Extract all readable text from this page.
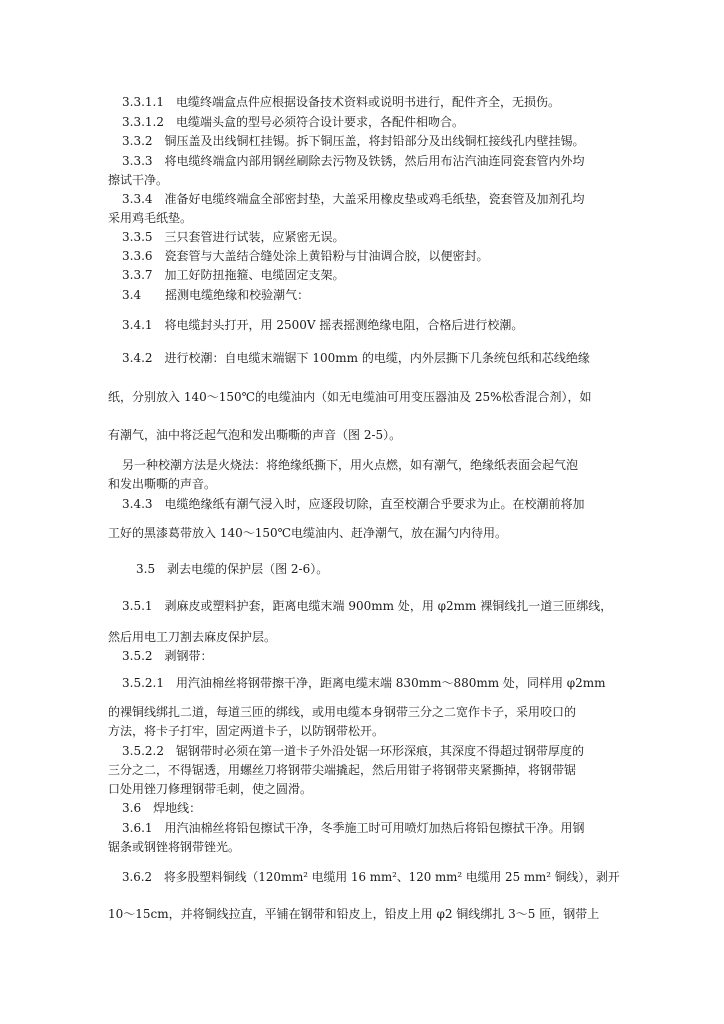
3.3.1.1　电缆终端盒点件应根据设备技术资料或说明书进行，配件齐全，无损伤。
3.3.1.2　电缆端头盒的型号必须符合设计要求，各配件相吻合。
3.3.2　铜压盖及出线铜杠挂锡。拆下铜压盖，将封铅部分及出线铜杠接线孔内壁挂锡。
3.3.3　将电缆终端盒内部用钢丝刷除去污物及铁锈，然后用布沾汽油连同瓷套管内外均
擦试干净。
3.3.4　准备好电缆终端盒全部密封垫，大盖采用橡皮垫或鸡毛纸垫，瓷套管及加剂孔均
采用鸡毛纸垫。
3.3.5　三只套管进行试装，应紧密无误。
3.3.6　瓷套管与大盖结合缝处涂上黄铅粉与甘油调合胶，以便密封。
3.3.7　加工好防扭拖箍、电缆固定支架。
3.4　　摇测电缆绝缘和校验潮气：
3.4.1　将电缆封头打开，用 2500V 摇表摇测绝缘电阻，合格后进行校潮。
3.4.2　进行校潮：自电缆末端锯下 100mm 的电缆，内外层撕下几条统包纸和芯线绝缘
纸，分别放入 140～150℃的电缆油内（如无电缆油可用变压器油及 25%松香混合剂），如
有潮气，油中将泛起气泡和发出嘶嘶的声音（图 2-5）。
另一种校潮方法是火烧法：将绝缘纸撕下，用火点燃，如有潮气，绝缘纸表面会起气泡
和发出嘶嘶的声音。
3.4.3　电缆绝缘纸有潮气浸入时，应逐段切除，直至校潮合乎要求为止。在校潮前将加
工好的黑漆葛带放入 140～150℃电缆油内、赶净潮气，放在漏勺内待用。
3.5　剥去电缆的保护层（图 2-6）。
3.5.1　剥麻皮或塑料护套，距离电缆末端 900mm 处，用 φ2mm 裸铜线扎一道三匝绑线，
然后用电工刀割去麻皮保护层。
3.5.2　剥钢带：
3.5.2.1　用汽油棉丝将钢带擦干净，距离电缆末端 830mm～880mm 处，同样用 φ2mm
的裸铜线绑扎二道，每道三匝的绑线，或用电缆本身钢带三分之二宽作卡子，采用咬口的
方法，将卡子打牢，固定两道卡子，以防钢带松开。
3.5.2.2　锯钢带时必须在第一道卡子外沿处锯一环形深痕，其深度不得超过钢带厚度的
三分之二，不得锯透，用螺丝刀将钢带尖端撬起，然后用钳子将钢带夹紧撕掉，将钢带锯
口处用锉刀修理钢带毛刺，使之圆滑。
3.6　焊地线：
3.6.1　用汽油棉丝将铅包擦试干净，冬季施工时可用喷灯加热后将铅包擦拭干净。用钢
锯条或钢锉将钢带锉光。
3.6.2　将多股塑料铜线（120mm² 电缆用 16 mm²、120 mm² 电缆用 25 mm² 铜线），剥开
10～15cm，并将铜线拉直，平铺在钢带和铅皮上，铅皮上用 φ2 铜线绑扎 3～5 匝，钢带上
